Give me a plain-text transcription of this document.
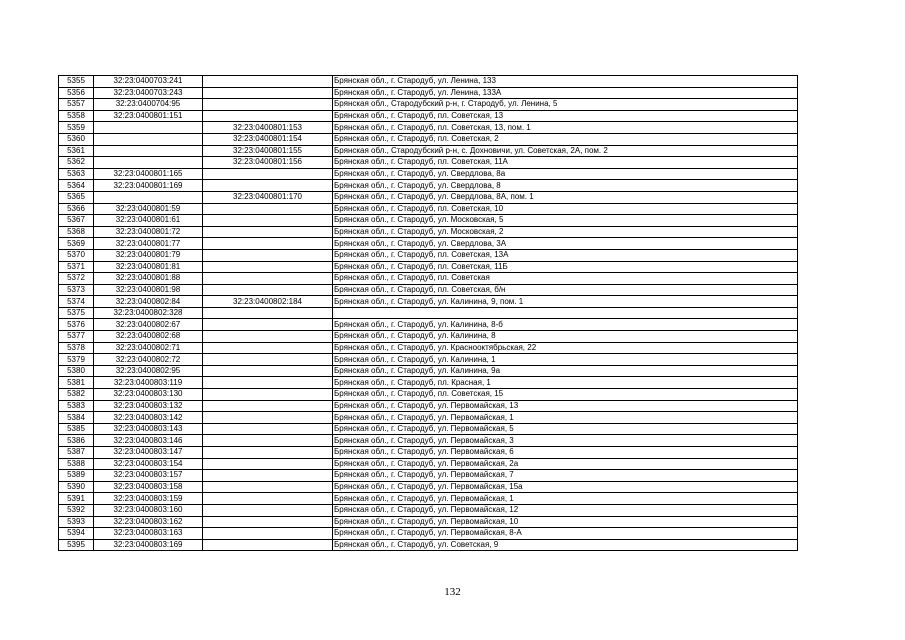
5355	32:23:0400703:241		Брянская обл., г. Стародуб, ул. Ленина, 133
5356	32:23:0400703:243		Брянская обл., г. Стародуб, ул. Ленина, 133А
5357	32:23:0400704:95		Брянская обл., Стародубский р-н, г. Стародуб, ул. Ленина, 5
5358	32:23:0400801:151		Брянская обл., г. Стародуб, пл. Советская, 13
5359		32:23:0400801:153	Брянская обл., г. Стародуб, пл. Советская, 13, пом. 1
5360		32:23:0400801:154	Брянская обл., г. Стародуб, пл. Советская, 2
5361		32:23:0400801:155	Брянская обл., Стародубский р-н, с. Дохновичи, ул. Советская, 2А, пом. 2
5362		32:23:0400801:156	Брянская обл., г. Стародуб, пл. Советская, 11А
5363	32:23:0400801:165		Брянская обл., г. Стародуб, ул. Свердлова, 8а
5364	32:23:0400801:169		Брянская обл., г. Стародуб, ул. Свердлова, 8
5365		32:23:0400801:170	Брянская обл., г. Стародуб, ул. Свердлова, 8А, пом. 1
5366	32:23:0400801:59		Брянская обл., г. Стародуб, пл. Советская, 10
5367	32:23:0400801:61		Брянская обл., г. Стародуб, ул. Московская, 5
5368	32:23:0400801:72		Брянская обл., г. Стародуб, ул. Московская, 2
5369	32:23:0400801:77		Брянская обл., г. Стародуб, ул. Свердлова, 3А
5370	32:23:0400801:79		Брянская обл., г. Стародуб, пл. Советская, 13А
5371	32:23:0400801:81		Брянская обл., г. Стародуб, пл. Советская, 11Б
5372	32:23:0400801:88		Брянская обл., г. Стародуб, пл. Советская
5373	32:23:0400801:98		Брянская обл., г. Стародуб, пл. Советская, б/н
5374	32:23:0400802:84	32:23:0400802:184	Брянская обл., г. Стародуб, ул. Калинина, 9, пом. 1
5375	32:23:0400802:328		
5376	32:23:0400802:67		Брянская обл., г. Стародуб, ул. Калинина, 8-б
5377	32:23:0400802:68		Брянская обл., г. Стародуб, ул. Калинина, 8
5378	32:23:0400802:71		Брянская обл., г. Стародуб, ул. Красноoктябрьская, 22
5379	32:23:0400802:72		Брянская обл., г. Стародуб, ул. Калинина, 1
5380	32:23:0400802:95		Брянская обл., г. Стародуб, ул. Калинина, 9а
5381	32:23:0400803:119		Брянская обл., г. Стародуб, пл. Красная, 1
5382	32:23:0400803:130		Брянская обл., г. Стародуб, пл. Советская, 15
5383	32:23:0400803:132		Брянская обл., г. Стародуб, ул. Первомайская, 13
5384	32:23:0400803:142		Брянская обл., г. Стародуб, ул. Первомайская, 1
5385	32:23:0400803:143		Брянская обл., г. Стародуб, ул. Первомайская, 5
5386	32:23:0400803:146		Брянская обл., г. Стародуб, ул. Первомайская, 3
5387	32:23:0400803:147		Брянская обл., г. Стародуб, ул. Первомайская, 6
5388	32:23:0400803:154		Брянская обл., г. Стародуб, ул. Первомайская, 2а
5389	32:23:0400803:157		Брянская обл., г. Стародуб, ул. Первомайская, 7
5390	32:23:0400803:158		Брянская обл., г. Стародуб, ул. Первомайская, 15а
5391	32:23:0400803:159		Брянская обл., г. Стародуб, ул. Первомайская, 1
5392	32:23:0400803:160		Брянская обл., г. Стародуб, ул. Первомайская, 12
5393	32:23:0400803:162		Брянская обл., г. Стародуб, ул. Первомайская, 10
5394	32:23:0400803:163		Брянская обл., г. Стародуб, ул. Первомайская, 8-А
5395	32:23:0400803:169		Брянская обл., г. Стародуб, ул. Советская, 9
132
